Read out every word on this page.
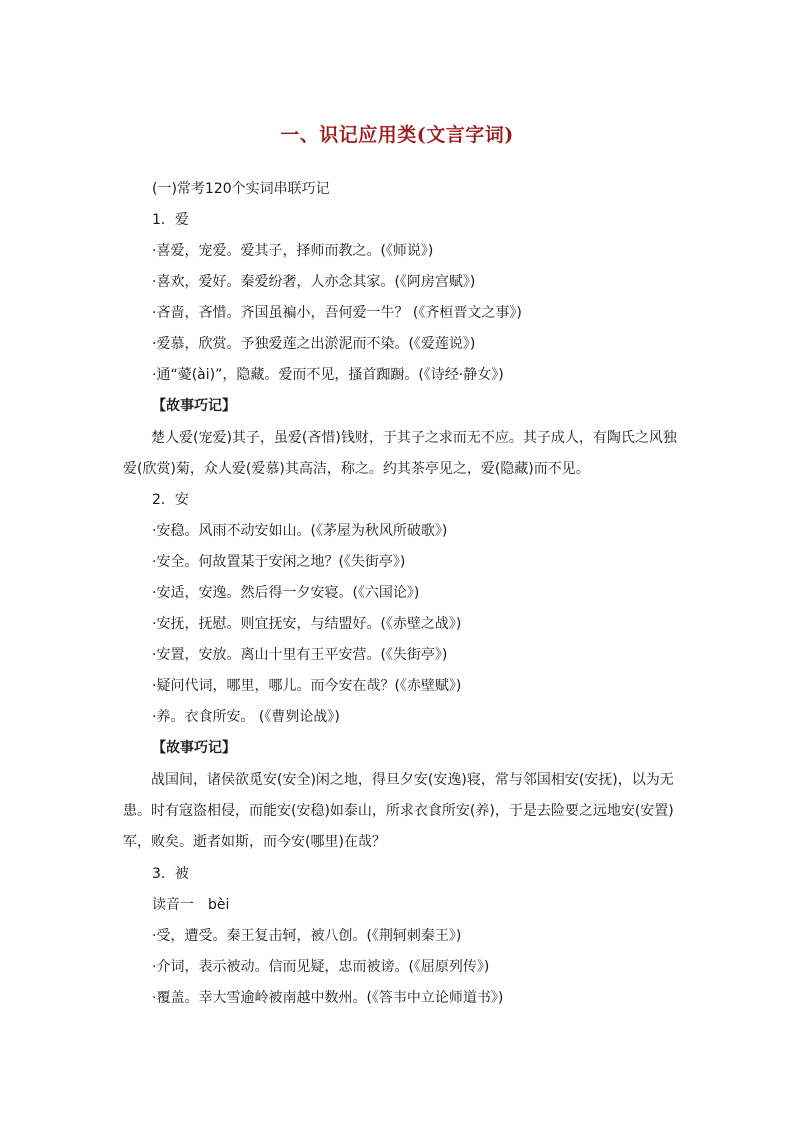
一、识记应用类(文言字词)
(一)常考120个实词串联巧记
1．爱
·喜爱，宠爱。爱其子，择师而教之。(《师说》)
·喜欢，爱好。秦爱纷奢，人亦念其家。(《阿房宫赋》)
·吝啬，吝惜。齐国虽褊小，吾何爱一牛？ (《齐桓晋文之事》)
·爱慕，欣赏。予独爱莲之出淤泥而不染。(《爱莲说》)
·通“薆(ài)”，隐藏。爱而不见，搔首踟蹰。(《诗经·静女》)
【故事巧记】
楚人爱(宠爱)其子，虽爱(吝惜)钱财，于其子之求而无不应。其子成人，有陶氏之风独爱(欣赏)菊，众人爱(爱慕)其高洁，称之。约其茶亭见之，爱(隐藏)而不见。
2．安
·安稳。风雨不动安如山。(《茅屋为秋风所破歌》)
·安全。何故置某于安闲之地？(《失街亭》)
·安适，安逸。然后得一夕安寝。(《六国论》)
·安抚，抚慰。则宜抚安，与结盟好。(《赤壁之战》)
·安置，安放。离山十里有王平安营。(《失街亭》)
·疑问代词，哪里，哪儿。而今安在哉？(《赤壁赋》)
·养。衣食所安。 (《曹刿论战》)
【故事巧记】
战国间，诸侯欲觅安(安全)闲之地，得旦夕安(安逸)寝，常与邻国相安(安抚)，以为无患。时有寇盗相侵，而能安(安稳)如泰山，所求衣食所安(养)，于是去险要之远地安(安置)军，败矣。逝者如斯，而今安(哪里)在哉？
3．被
读音一　bèi
·受，遭受。秦王复击轲，被八创。(《荆轲刺秦王》)
·介词，表示被动。信而见疑，忠而被谤。(《屈原列传》)
·覆盖。幸大雪逾岭被南越中数州。(《答韦中立论师道书》)
